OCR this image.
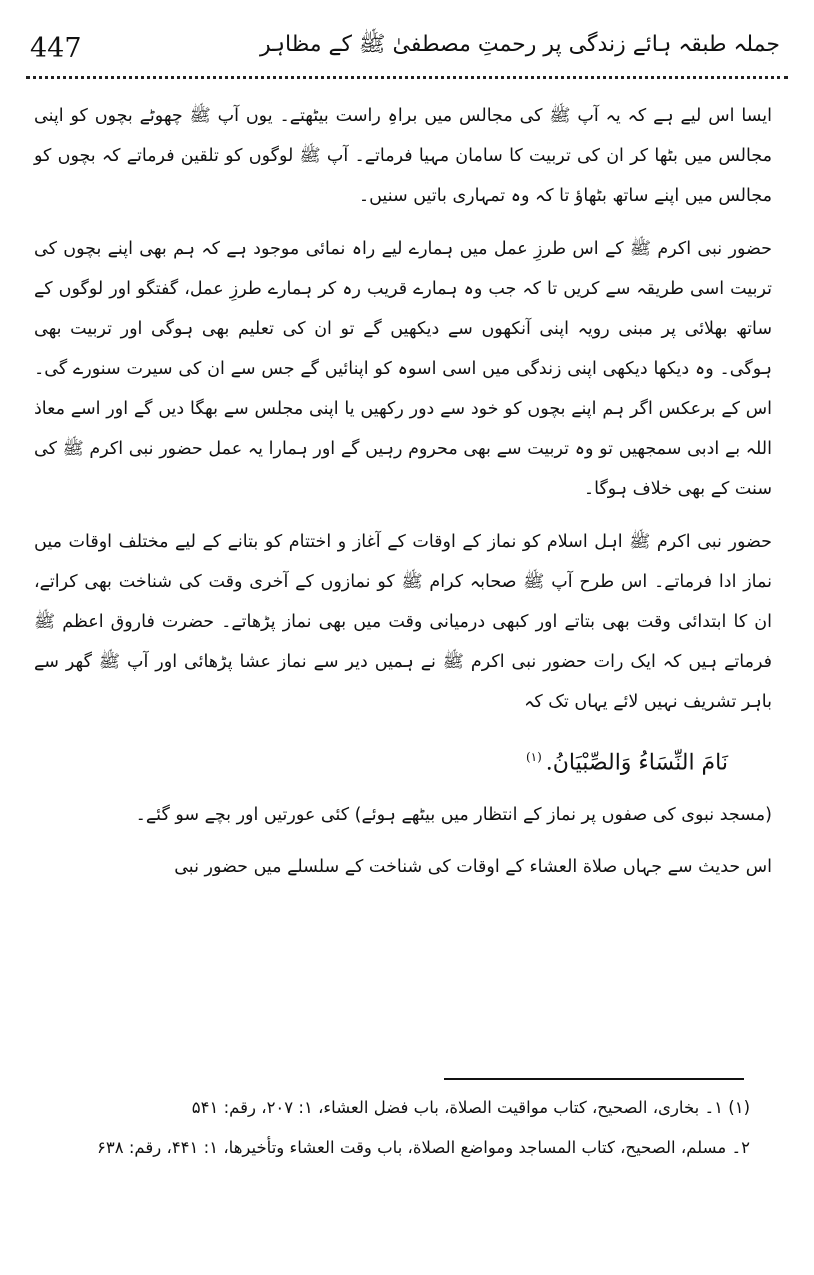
447	جملہ طبقہ ہائے زندگی پر رحمتِ مصطفیٰ ﷺ کے مظاہر

ایسا اس لیے ہے کہ یہ آپ ﷺ کی مجالس میں براہِ راست بیٹھتے۔ یوں آپ ﷺ چھوٹے بچوں کو اپنی مجالس میں بٹھا کر ان کی تربیت کا سامان مہیا فرماتے۔ آپ ﷺ لوگوں کو تلقین فرماتے کہ بچوں کو مجالس میں اپنے ساتھ بٹھاؤ تا کہ وہ تمہاری باتیں سنیں۔

حضور نبی اکرم ﷺ کے اس طرزِ عمل میں ہمارے لیے راہ نمائی موجود ہے کہ ہم بھی اپنے بچوں کی تربیت اسی طریقہ سے کریں تا کہ جب وہ ہمارے قریب رہ کر ہمارے طرزِ عمل، گفتگو اور لوگوں کے ساتھ بھلائی پر مبنی رویہ اپنی آنکھوں سے دیکھیں گے تو ان کی تعلیم بھی ہوگی اور تربیت بھی ہوگی۔ وہ دیکھا دیکھی اپنی زندگی میں اسی اسوہ کو اپنائیں گے جس سے ان کی سیرت سنورے گی۔ اس کے برعکس اگر ہم اپنے بچوں کو خود سے دور رکھیں یا اپنی مجلس سے بھگا دیں گے اور اسے معاذ اللہ بے ادبی سمجھیں تو وہ تربیت سے بھی محروم رہیں گے اور ہمارا یہ عمل حضور نبی اکرم ﷺ کی سنت کے بھی خلاف ہوگا۔

حضور نبی اکرم ﷺ اہل اسلام کو نماز کے اوقات کے آغاز و اختتام کو بتانے کے لیے مختلف اوقات میں نماز ادا فرماتے۔ اس طرح آپ ﷺ صحابہ کرام ﷺ کو نمازوں کے آخری وقت کی شناخت بھی کراتے، ان کا ابتدائی وقت بھی بتاتے اور کبھی درمیانی وقت میں بھی نماز پڑھاتے۔ حضرت فاروق اعظم ﷺ فرماتے ہیں کہ ایک رات حضور نبی اکرم ﷺ نے ہمیں دیر سے نماز عشا پڑھائی اور آپ ﷺ گھر سے باہر تشریف نہیں لائے یہاں تک کہ

نَامَ النِّسَاءُ وَالصِّبْيَانُ.$^{(۱)}$

(مسجد نبوی کی صفوں پر نماز کے انتظار میں بیٹھے ہوئے) کئی عورتیں اور بچے سو گئے۔

اس حدیث سے جہاں صلاة العشاء کے اوقات کی شناخت کے سلسلے میں حضور نبی

(۱) ۱۔ بخاری، الصحیح، کتاب مواقیت الصلاة، باب فضل العشاء، ۱: ۲۰۷، رقم: ۵۴۱

۲۔ مسلم، الصحیح، کتاب المساجد ومواضع الصلاة، باب وقت العشاء وتأخیرها، ۱: ۴۴۱، رقم: ۶۳۸
